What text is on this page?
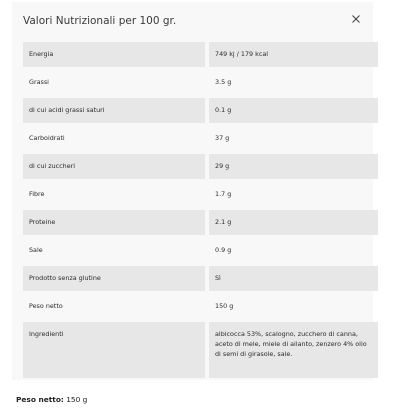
Valori Nutrizionali per 100 gr.
Energia	749 kj / 179 kcal
Grassi	3.5 g
di cui acidi grassi saturi	0.1 g
Carboidrati	37 g
di cui zuccheri	29 g
Fibre	1.7 g
Proteine	2.1 g
Sale	0.9 g
Prodotto senza glutine	Sì
Peso netto	150 g
Ingredienti	albicocca 53%, scalogno, zucchero di canna, aceto di mele, miele di ailanto, zenzero 4% olio di semi di girasole, sale.
Peso netto: 150 g
